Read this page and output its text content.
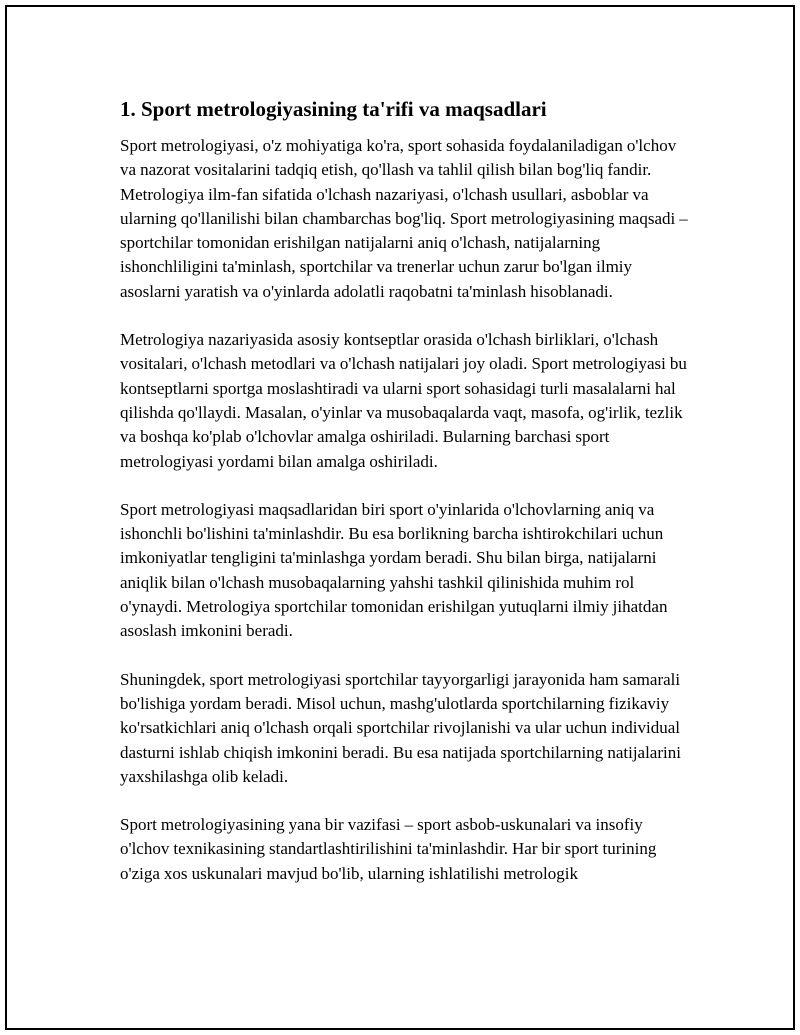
1. Sport metrologiyasining ta'rifi va maqsadlari

Sport metrologiyasi, o'z mohiyatiga ko'ra, sport sohasida foydalaniladigan o'lchov va nazorat vositalarini tadqiq etish, qo'llash va tahlil qilish bilan bog'liq fandir. Metrologiya ilm-fan sifatida o'lchash nazariyasi, o'lchash usullari, asboblar va ularning qo'llanilishi bilan chambarchas bog'liq. Sport metrologiyasining maqsadi – sportchilar tomonidan erishilgan natijalarni aniq o'lchash, natijalarning ishonchliligini ta'minlash, sportchilar va trenerlar uchun zarur bo'lgan ilmiy asoslarni yaratish va o'yinlarda adolatli raqobatni ta'minlash hisoblanadi.

Metrologiya nazariyasida asosiy kontseptlar orasida o'lchash birliklari, o'lchash vositalari, o'lchash metodlari va o'lchash natijalari joy oladi. Sport metrologiyasi bu kontseptlarni sportga moslashtiradi va ularni sport sohasidagi turli masalalarni hal qilishda qo'llaydi. Masalan, o'yinlar va musobaqalarda vaqt, masofa, og'irlik, tezlik va boshqa ko'plab o'lchovlar amalga oshiriladi. Bularning barchasi sport metrologiyasi yordami bilan amalga oshiriladi.

Sport metrologiyasi maqsadlaridan biri sport o'yinlarida o'lchovlarning aniq va ishonchli bo'lishini ta'minlashdir. Bu esa borlikning barcha ishtirokchilari uchun imkoniyatlar tengligini ta'minlashga yordam beradi. Shu bilan birga, natijalarni aniqlik bilan o'lchash musobaqalarning yahshi tashkil qilinishida muhim rol o'ynaydi. Metrologiya sportchilar tomonidan erishilgan yutuqlarni ilmiy jihatdan asoslash imkonini beradi.

Shuningdek, sport metrologiyasi sportchilar tayyorgarligi jarayonida ham samarali bo'lishiga yordam beradi. Misol uchun, mashg'ulotlarda sportchilarning fizikaviy ko'rsatkichlari aniq o'lchash orqali sportchilar rivojlanishi va ular uchun individual dasturni ishlab chiqish imkonini beradi. Bu esa natijada sportchilarning natijalarini yaxshilashga olib keladi.

Sport metrologiyasining yana bir vazifasi – sport asbob-uskunalari va insofiy o'lchov texnikasining standartlashtirilishini ta'minlashdir. Har bir sport turining o'ziga xos uskunalari mavjud bo'lib, ularning ishlatilishi metrologik
